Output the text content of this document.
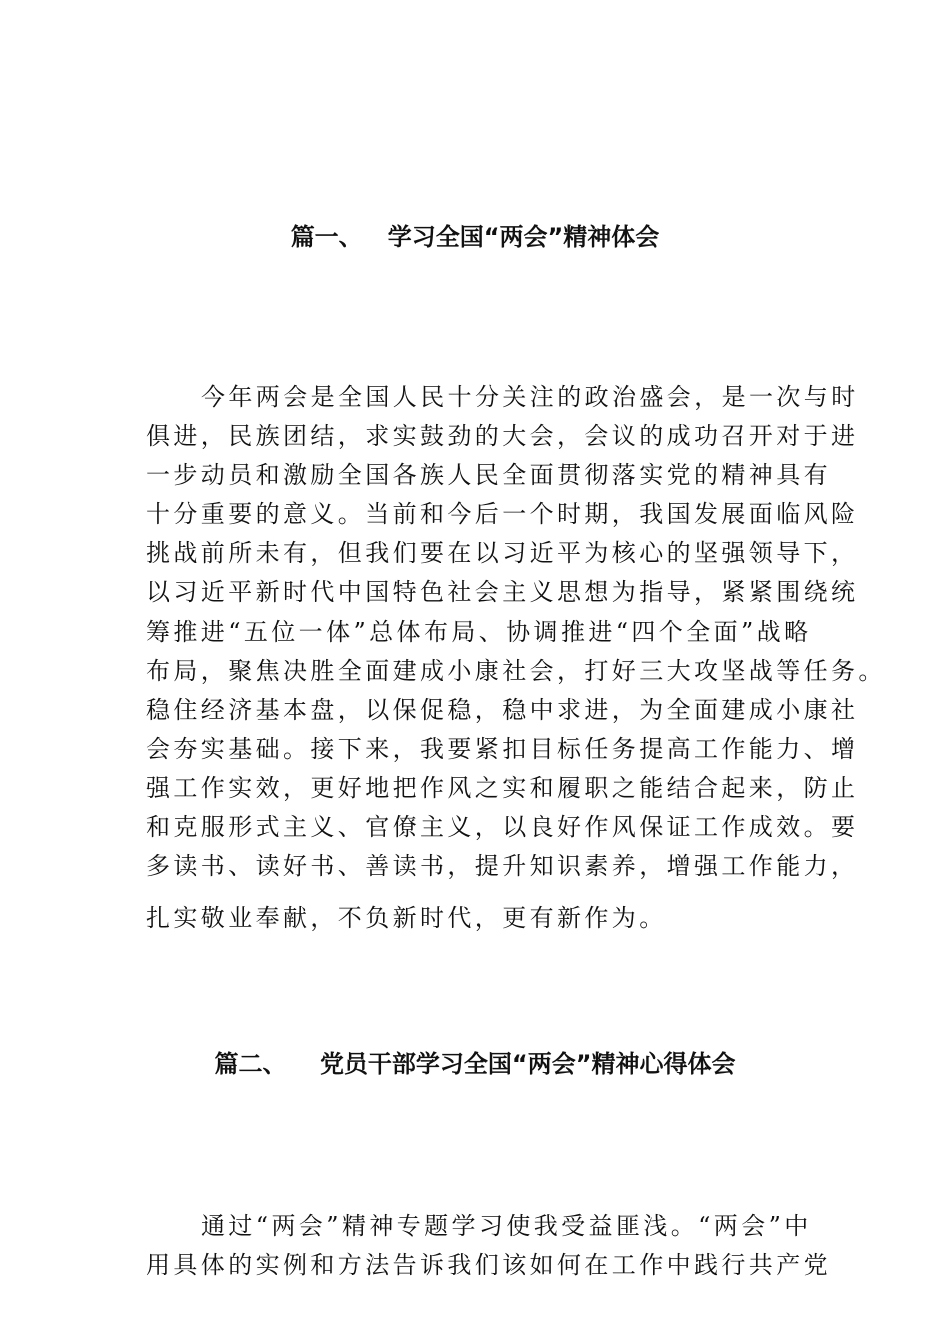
篇一、 学习全国“两会”精神体会
今年两会是全国人民十分关注的政治盛会，是一次与时
俱进，民族团结，求实鼓劲的大会，会议的成功召开对于进
一步动员和激励全国各族人民全面贯彻落实党的精神具有
十分重要的意义。当前和今后一个时期，我国发展面临风险
挑战前所未有，但我们要在以习近平为核心的坚强领导下，
以习近平新时代中国特色社会主义思想为指导，紧紧围绕统
筹推进“五位一体”总体布局、协调推进“四个全面”战略
布局，聚焦决胜全面建成小康社会，打好三大攻坚战等任务。
稳住经济基本盘，以保促稳，稳中求进，为全面建成小康社
会夯实基础。接下来，我要紧扣目标任务提高工作能力、增
强工作实效，更好地把作风之实和履职之能结合起来，防止
和克服形式主义、官僚主义，以良好作风保证工作成效。要
多读书、读好书、善读书，提升知识素养，增强工作能力，
扎实敬业奉献，不负新时代，更有新作为。
篇二、 党员干部学习全国“两会”精神心得体会
通过“两会”精神专题学习使我受益匪浅。“两会”中
用具体的实例和方法告诉我们该如何在工作中践行共产党
